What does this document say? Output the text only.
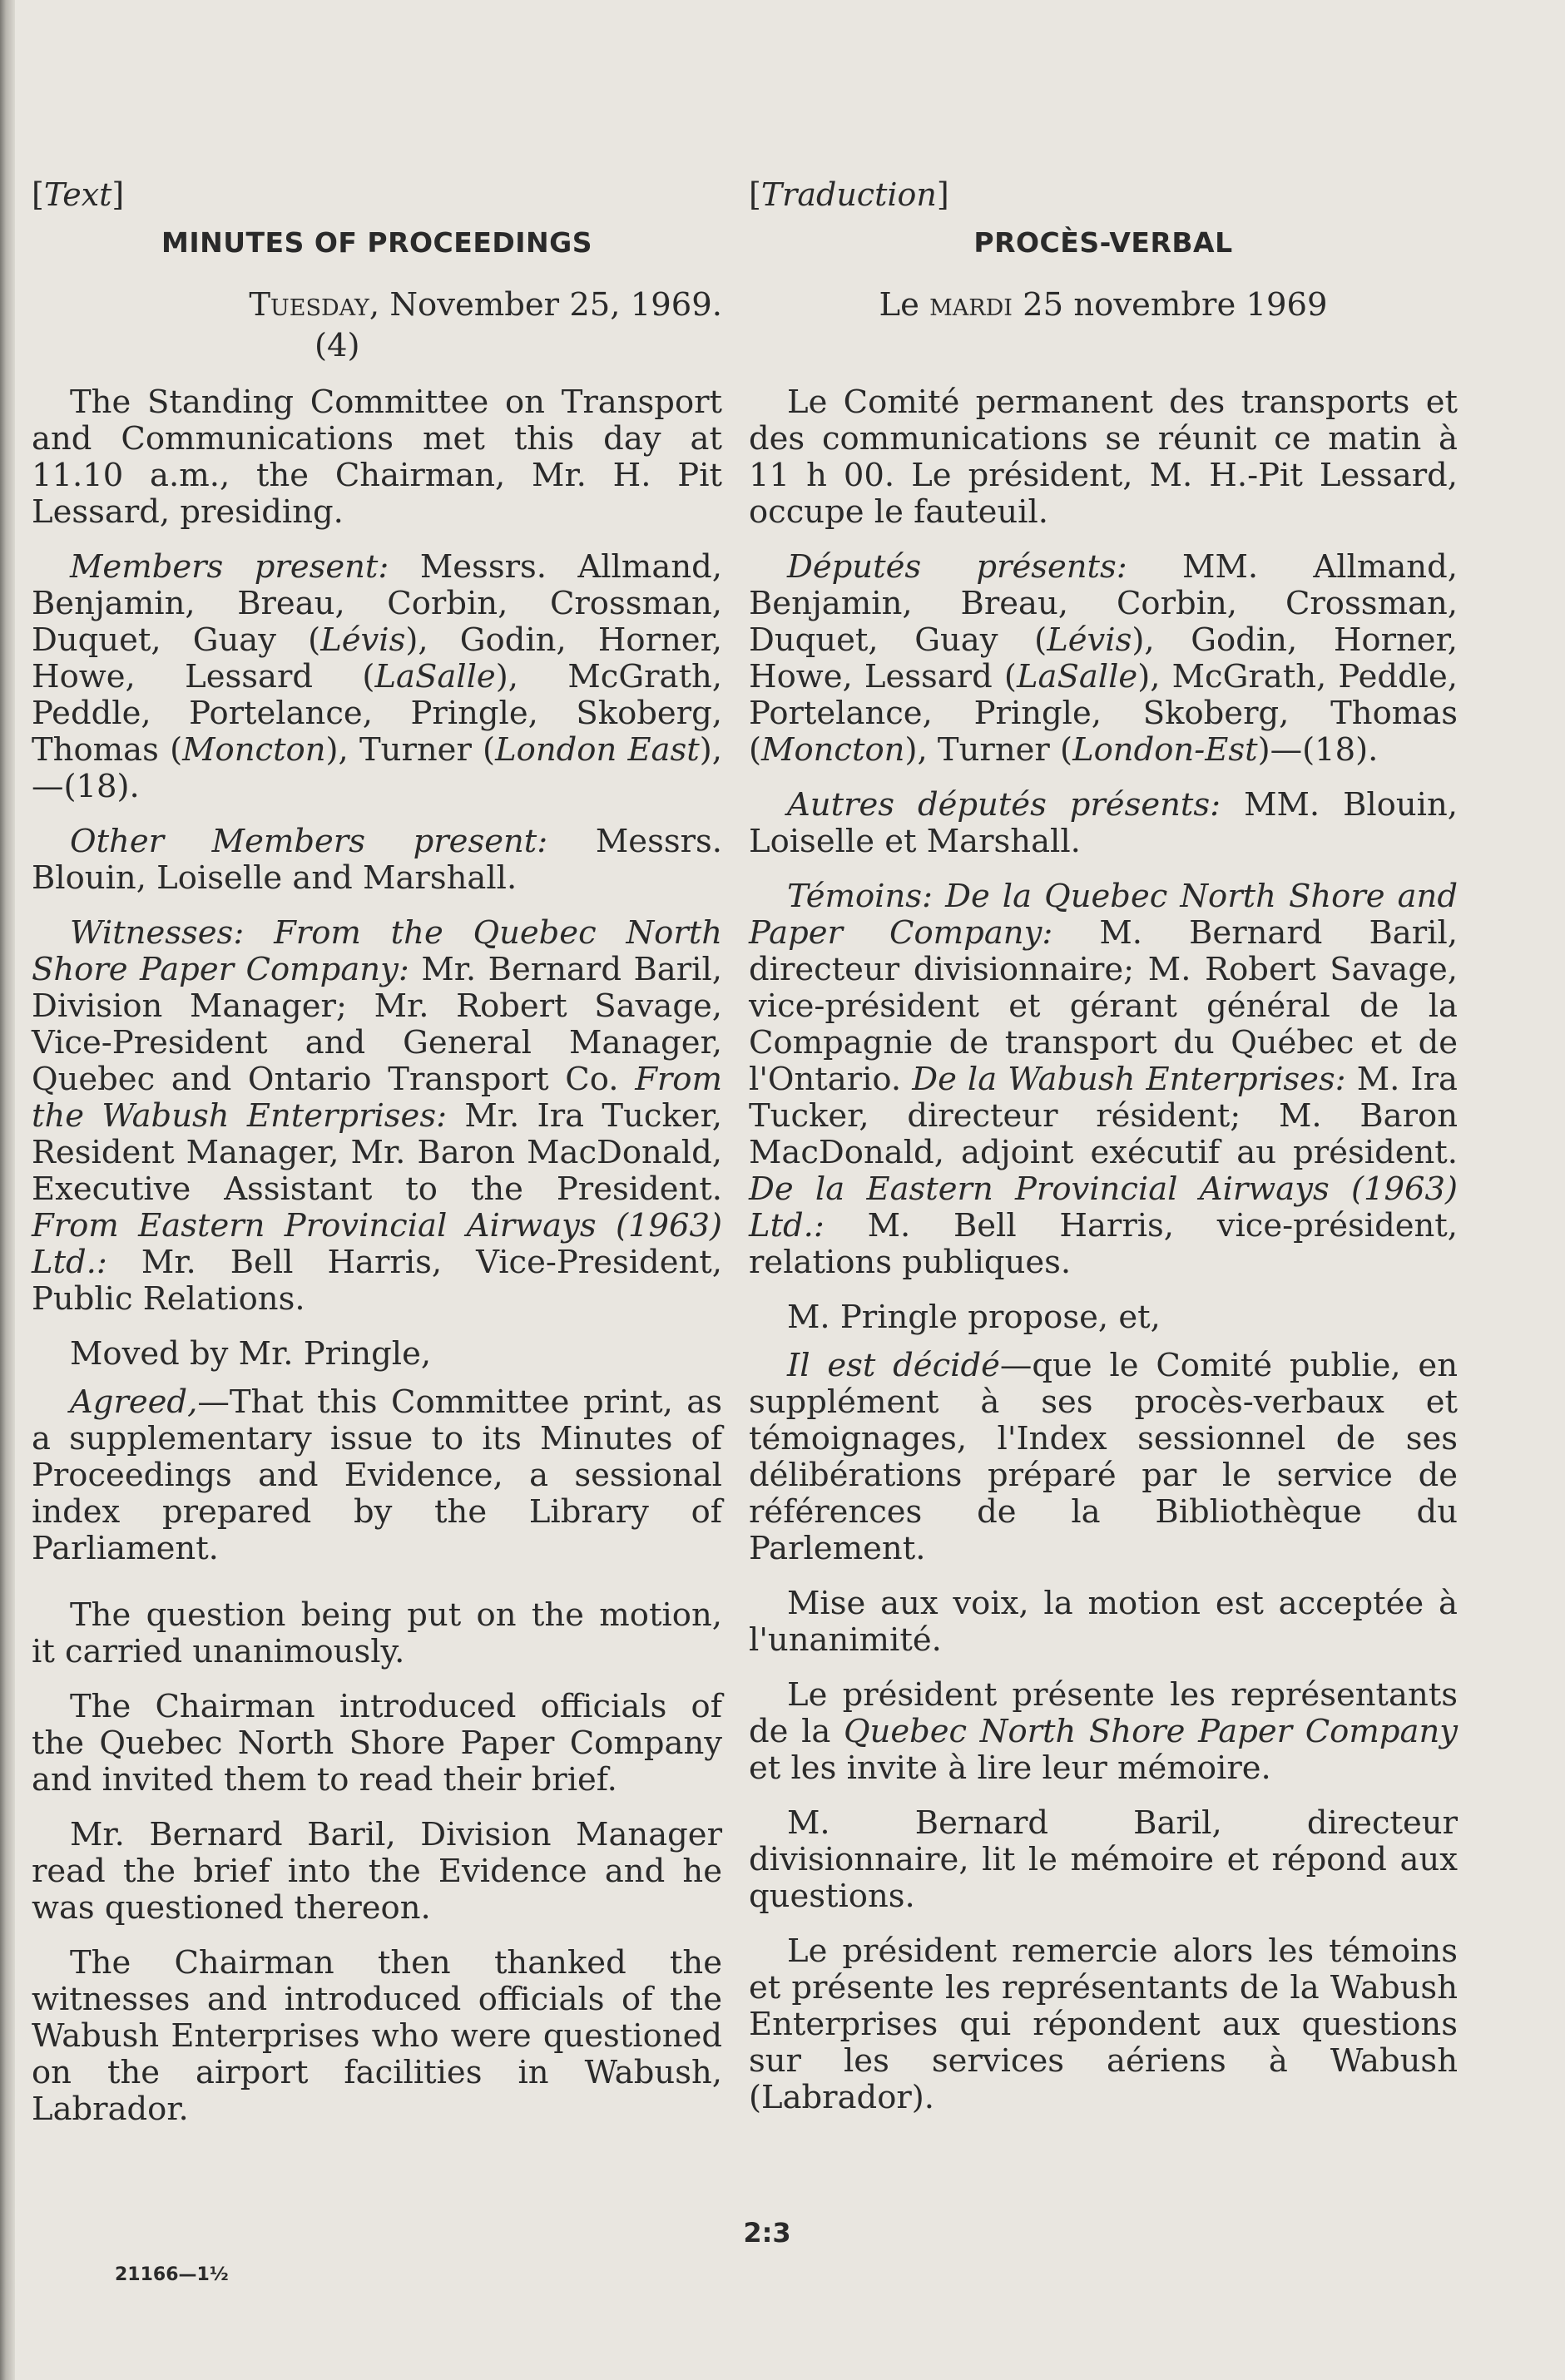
[Text]
MINUTES OF PROCEEDINGS
Tuesday, November 25, 1969.
(4)

The Standing Committee on Transport and Communications met this day at 11.10 a.m., the Chairman, Mr. H. Pit Lessard, presiding.

Members present: Messrs. Allmand, Benjamin, Breau, Corbin, Crossman, Duquet, Guay (Lévis), Godin, Horner, Howe, Lessard (LaSalle), McGrath, Peddle, Portelance, Pringle, Skoberg, Thomas (Moncton), Turner (London East),—(18).

Other Members present: Messrs. Blouin, Loiselle and Marshall.

Witnesses: From the Quebec North Shore Paper Company: Mr. Bernard Baril, Division Manager; Mr. Robert Savage, Vice-President and General Manager, Quebec and Ontario Transport Co. From the Wabush Enterprises: Mr. Ira Tucker, Resident Manager, Mr. Baron MacDonald, Executive Assistant to the President. From Eastern Provincial Airways (1963) Ltd.: Mr. Bell Harris, Vice-President, Public Relations.

Moved by Mr. Pringle,

Agreed,—That this Committee print, as a supplementary issue to its Minutes of Proceedings and Evidence, a sessional index prepared by the Library of Parliament.

The question being put on the motion, it carried unanimously.

The Chairman introduced officials of the Quebec North Shore Paper Company and invited them to read their brief.

Mr. Bernard Baril, Division Manager read the brief into the Evidence and he was questioned thereon.

The Chairman then thanked the witnesses and introduced officials of the Wabush Enterprises who were questioned on the airport facilities in Wabush, Labrador.

[Traduction]
PROCÈS-VERBAL
Le mardi 25 novembre 1969

Le Comité permanent des transports et des communications se réunit ce matin à 11 h 00. Le président, M. H.-Pit Lessard, occupe le fauteuil.

Députés présents: MM. Allmand, Benjamin, Breau, Corbin, Crossman, Duquet, Guay (Lévis), Godin, Horner, Howe, Lessard (LaSalle), McGrath, Peddle, Portelance, Pringle, Skoberg, Thomas (Moncton), Turner (London-Est)—(18).

Autres députés présents: MM. Blouin, Loiselle et Marshall.

Témoins: De la Quebec North Shore and Paper Company: M. Bernard Baril, directeur divisionnaire; M. Robert Savage, vice-président et gérant général de la Compagnie de transport du Québec et de l'Ontario. De la Wabush Enterprises: M. Ira Tucker, directeur résident; M. Baron MacDonald, adjoint exécutif au président. De la Eastern Provincial Airways (1963) Ltd.: M. Bell Harris, vice-président, relations publiques.

M. Pringle propose, et,

Il est décidé—que le Comité publie, en supplément à ses procès-verbaux et témoignages, l'Index sessionnel de ses délibérations préparé par le service de références de la Bibliothèque du Parlement.

Mise aux voix, la motion est acceptée à l'unanimité.

Le président présente les représentants de la Quebec North Shore Paper Company et les invite à lire leur mémoire.

M. Bernard Baril, directeur divisionnaire, lit le mémoire et répond aux questions.

Le président remercie alors les témoins et présente les représentants de la Wabush Enterprises qui répondent aux questions sur les services aériens à Wabush (Labrador).

2:3
21166—1½
